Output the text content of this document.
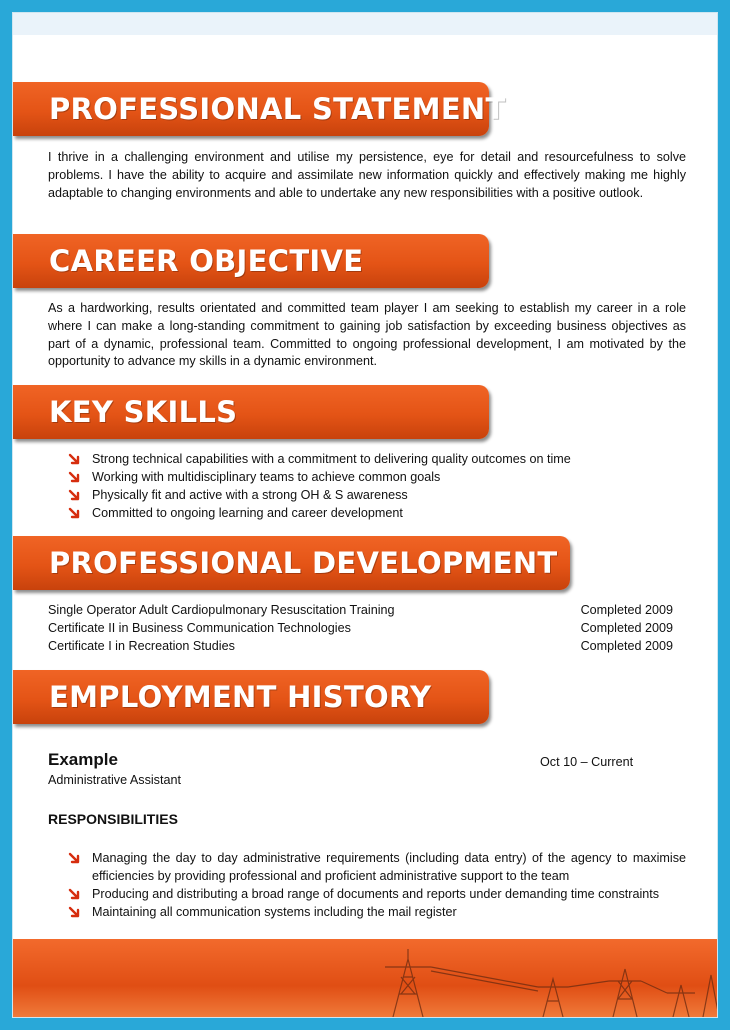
PROFESSIONAL STATEMENT

I thrive in a challenging environment and utilise my persistence, eye for detail and resourcefulness to solve problems. I have the ability to acquire and assimilate new information quickly and effectively making me highly adaptable to changing environments and able to undertake any new responsibilities with a positive outlook.

CAREER OBJECTIVE

As a hardworking, results orientated and committed team player I am seeking to establish my career in a role where I can make a long-standing commitment to gaining job satisfaction by exceeding business objectives as part of a dynamic, professional team. Committed to ongoing professional development, I am motivated by the opportunity to advance my skills in a dynamic environment.

KEY SKILLS
Strong technical capabilities with a commitment to delivering quality outcomes on time
Working with multidisciplinary teams to achieve common goals
Physically fit and active with a strong OH & S awareness
Committed to ongoing learning and career development
PROFESSIONAL DEVELOPMENT
Single Operator Adult Cardiopulmonary Resuscitation Training	Completed 2009
Certificate II in Business Communication Technologies	Completed 2009
Certificate I in Recreation Studies	Completed 2009
EMPLOYMENT HISTORY
Example	Oct 10 – Current
Administrative Assistant
RESPONSIBILITIES
Managing the day to day administrative requirements (including data entry) of the agency to maximise efficiencies by providing professional and proficient administrative support to the team
Producing and distributing a broad range of documents and reports under demanding time constraints
Maintaining all communication systems including the mail register
